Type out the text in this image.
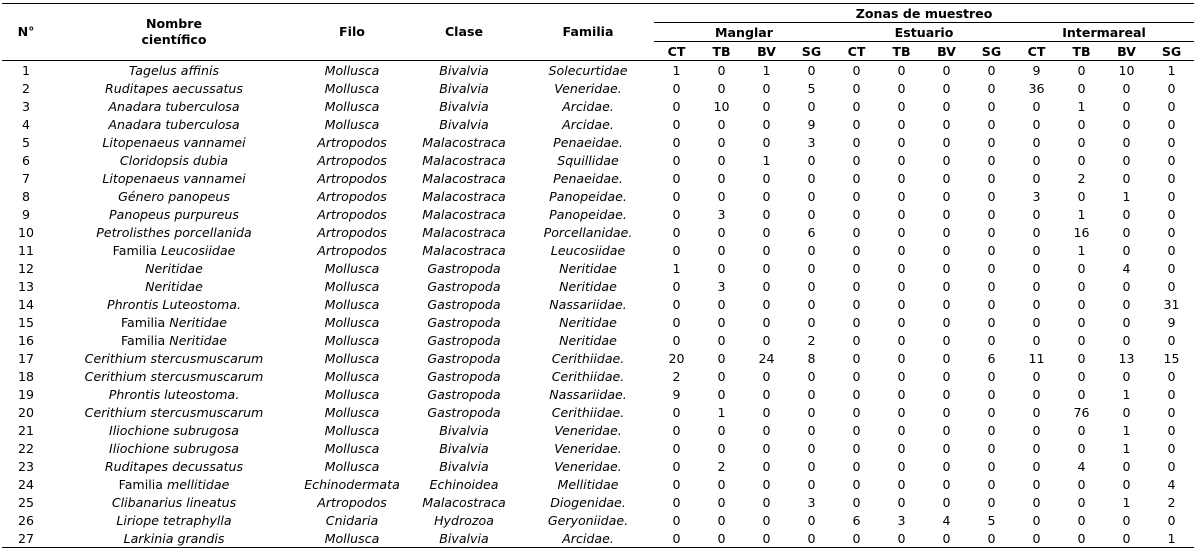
N°	Nombre científico	Filo	Clase	Familia	Zonas de muestreo											
					Manglar				Estuario				Intermareal			
					CT	TB	BV	SG	CT	TB	BV	SG	CT	TB	BV	SG
1	Tagelus affinis	Mollusca	Bivalvia	Solecurtidae	1	0	1	0	0	0	0	0	9	0	10	1
2	Ruditapes aecussatus	Mollusca	Bivalvia	Veneridae.	0	0	0	5	0	0	0	0	36	0	0	0
3	Anadara tuberculosa	Mollusca	Bivalvia	Arcidae.	0	10	0	0	0	0	0	0	0	1	0	0
4	Anadara tuberculosa	Mollusca	Bivalvia	Arcidae.	0	0	0	9	0	0	0	0	0	0	0	0
5	Litopenaeus vannamei	Artropodos	Malacostraca	Penaeidae.	0	0	0	3	0	0	0	0	0	0	0	0
6	Cloridopsis dubia	Artropodos	Malacostraca	Squillidae	0	0	1	0	0	0	0	0	0	0	0	0
7	Litopenaeus vannamei	Artropodos	Malacostraca	Penaeidae.	0	0	0	0	0	0	0	0	0	2	0	0
8	Género panopeus	Artropodos	Malacostraca	Panopeidae.	0	0	0	0	0	0	0	0	3	0	1	0
9	Panopeus purpureus	Artropodos	Malacostraca	Panopeidae.	0	3	0	0	0	0	0	0	0	1	0	0
10	Petrolisthes porcellanida	Artropodos	Malacostraca	Porcellanidae.	0	0	0	6	0	0	0	0	0	16	0	0
11	Familia Leucosiidae	Artropodos	Malacostraca	Leucosiidae	0	0	0	0	0	0	0	0	0	1	0	0
12	Neritidae	Mollusca	Gastropoda	Neritidae	1	0	0	0	0	0	0	0	0	0	4	0
13	Neritidae	Mollusca	Gastropoda	Neritidae	0	3	0	0	0	0	0	0	0	0	0	0
14	Phrontis Luteostoma.	Mollusca	Gastropoda	Nassariidae.	0	0	0	0	0	0	0	0	0	0	0	31
15	Familia Neritidae	Mollusca	Gastropoda	Neritidae	0	0	0	0	0	0	0	0	0	0	0	9
16	Familia Neritidae	Mollusca	Gastropoda	Neritidae	0	0	0	2	0	0	0	0	0	0	0	0
17	Cerithium stercusmuscarum	Mollusca	Gastropoda	Cerithiidae.	20	0	24	8	0	0	0	6	11	0	13	15
18	Cerithium stercusmuscarum	Mollusca	Gastropoda	Cerithiidae.	2	0	0	0	0	0	0	0	0	0	0	0
19	Phrontis luteostoma.	Mollusca	Gastropoda	Nassariidae.	9	0	0	0	0	0	0	0	0	0	1	0
20	Cerithium stercusmuscarum	Mollusca	Gastropoda	Cerithiidae.	0	1	0	0	0	0	0	0	0	76	0	0
21	Iliochione subrugosa	Mollusca	Bivalvia	Veneridae.	0	0	0	0	0	0	0	0	0	0	1	0
22	Iliochione subrugosa	Mollusca	Bivalvia	Veneridae.	0	0	0	0	0	0	0	0	0	0	1	0
23	Ruditapes decussatus	Mollusca	Bivalvia	Veneridae.	0	2	0	0	0	0	0	0	0	4	0	0
24	Familia mellitidae	Echinodermata	Echinoidea	Mellitidae	0	0	0	0	0	0	0	0	0	0	0	4
25	Clibanarius lineatus	Artropodos	Malacostraca	Diogenidae.	0	0	0	3	0	0	0	0	0	0	1	2
26	Liriope tetraphylla	Cnidaria	Hydrozoa	Geryoniidae.	0	0	0	0	6	3	4	5	0	0	0	0
27	Larkinia grandis	Mollusca	Bivalvia	Arcidae.	0	0	0	0	0	0	0	0	0	0	0	1
